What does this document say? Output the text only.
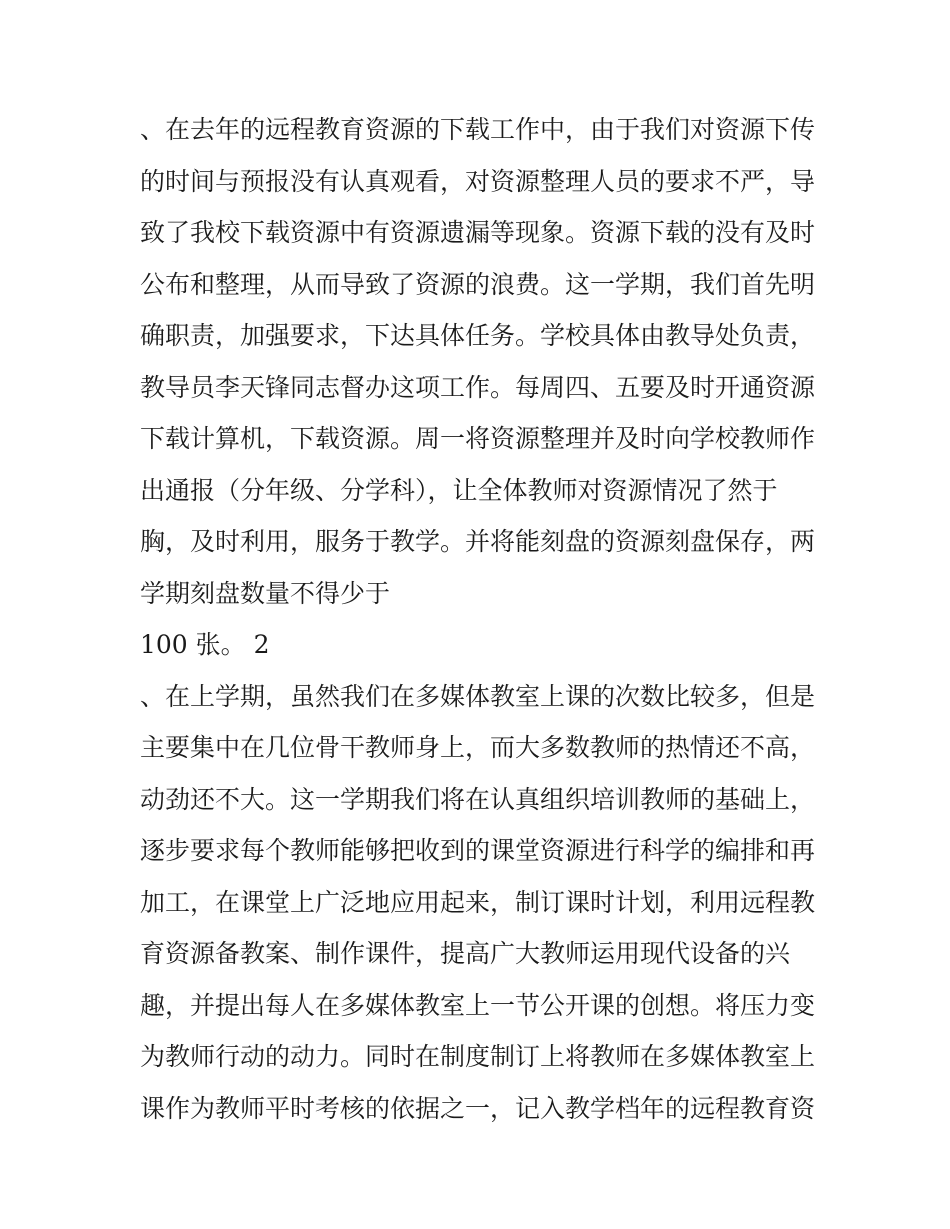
、在去年的远程教育资源的下载工作中，由于我们对资源下传
的时间与预报没有认真观看，对资源整理人员的要求不严，导
致了我校下载资源中有资源遗漏等现象。资源下载的没有及时
公布和整理，从而导致了资源的浪费。这一学期，我们首先明
确职责，加强要求，下达具体任务。学校具体由教导处负责，
教导员李天锋同志督办这项工作。每周四、五要及时开通资源
下载计算机，下载资源。周一将资源整理并及时向学校教师作
出通报（分年级、分学科），让全体教师对资源情况了然于
胸，及时利用，服务于教学。并将能刻盘的资源刻盘保存，两
学期刻盘数量不得少于
100 张。 2
、在上学期，虽然我们在多媒体教室上课的次数比较多，但是
主要集中在几位骨干教师身上，而大多数教师的热情还不高，
动劲还不大。这一学期我们将在认真组织培训教师的基础上，
逐步要求每个教师能够把收到的课堂资源进行科学的编排和再
加工，在课堂上广泛地应用起来，制订课时计划，利用远程教
育资源备教案、制作课件，提高广大教师运用现代设备的兴
趣，并提出每人在多媒体教室上一节公开课的创想。将压力变
为教师行动的动力。同时在制度制订上将教师在多媒体教室上
课作为教师平时考核的依据之一，记入教学档年的远程教育资
